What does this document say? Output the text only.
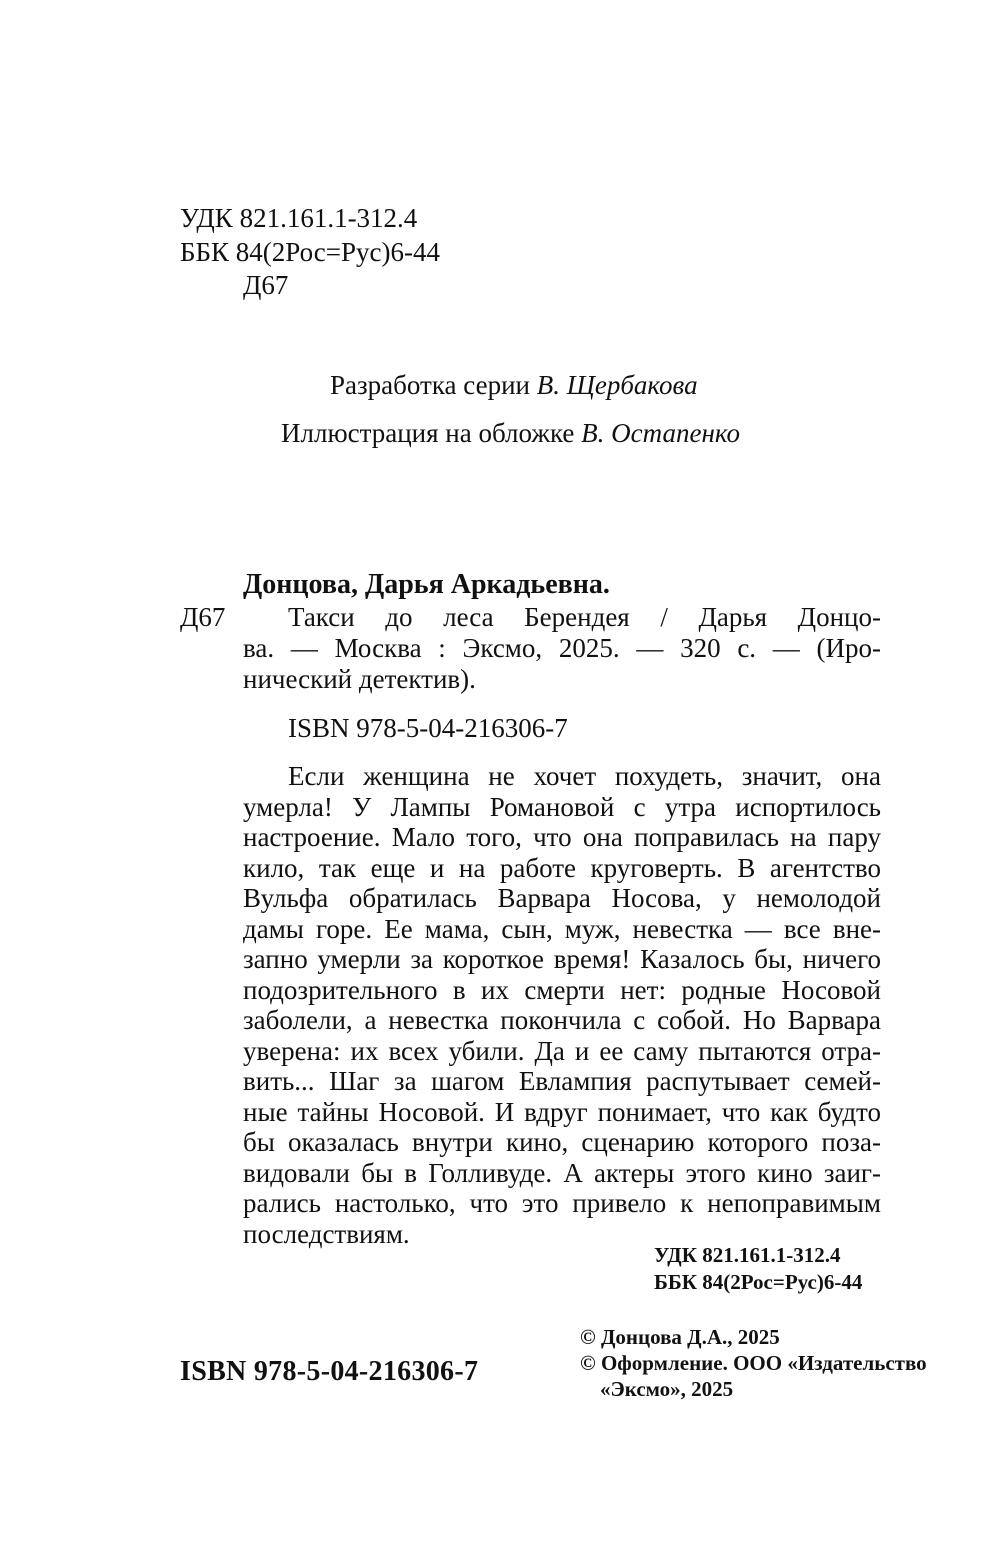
УДК 821.161.1-312.4
ББК 84(2Рос=Рус)6-44
Д67
Разработка серии В. Щербакова
Иллюстрация на обложке В. Остапенко
Донцова, Дарья Аркадьевна.
Д67	Такси до леса Берендея / Дарья Донцо-
ва. — Москва : Эксмо, 2025. — 320 с. — (Иро-
нический детектив).
ISBN 978-5-04-216306-7
Если женщина не хочет похудеть, значит, она
умерла! У Лампы Романовой с утра испортилось
настроение. Мало того, что она поправилась на пару
кило, так еще и на работе круговерть. В агентство
Вульфа обратилась Варвара Носова, у немолодой
дамы горе. Ее мама, сын, муж, невестка — все вне-
запно умерли за короткое время! Казалось бы, ничего
подозрительного в их смерти нет: родные Носовой
заболели, а невестка покончила с собой. Но Варвара
уверена: их всех убили. Да и ее саму пытаются отра-
вить... Шаг за шагом Евлампия распутывает семей-
ные тайны Носовой. И вдруг понимает, что как будто
бы оказалась внутри кино, сценарию которого поза-
видовали бы в Голливуде. А актеры этого кино заиг-
рались настолько, что это привело к непоправимым
последствиям.
УДК 821.161.1-312.4
ББК 84(2Рос=Рус)6-44
© Донцова Д.А., 2025
© Оформление. ООО «Издательство
«Эксмо», 2025
ISBN 978-5-04-216306-7
